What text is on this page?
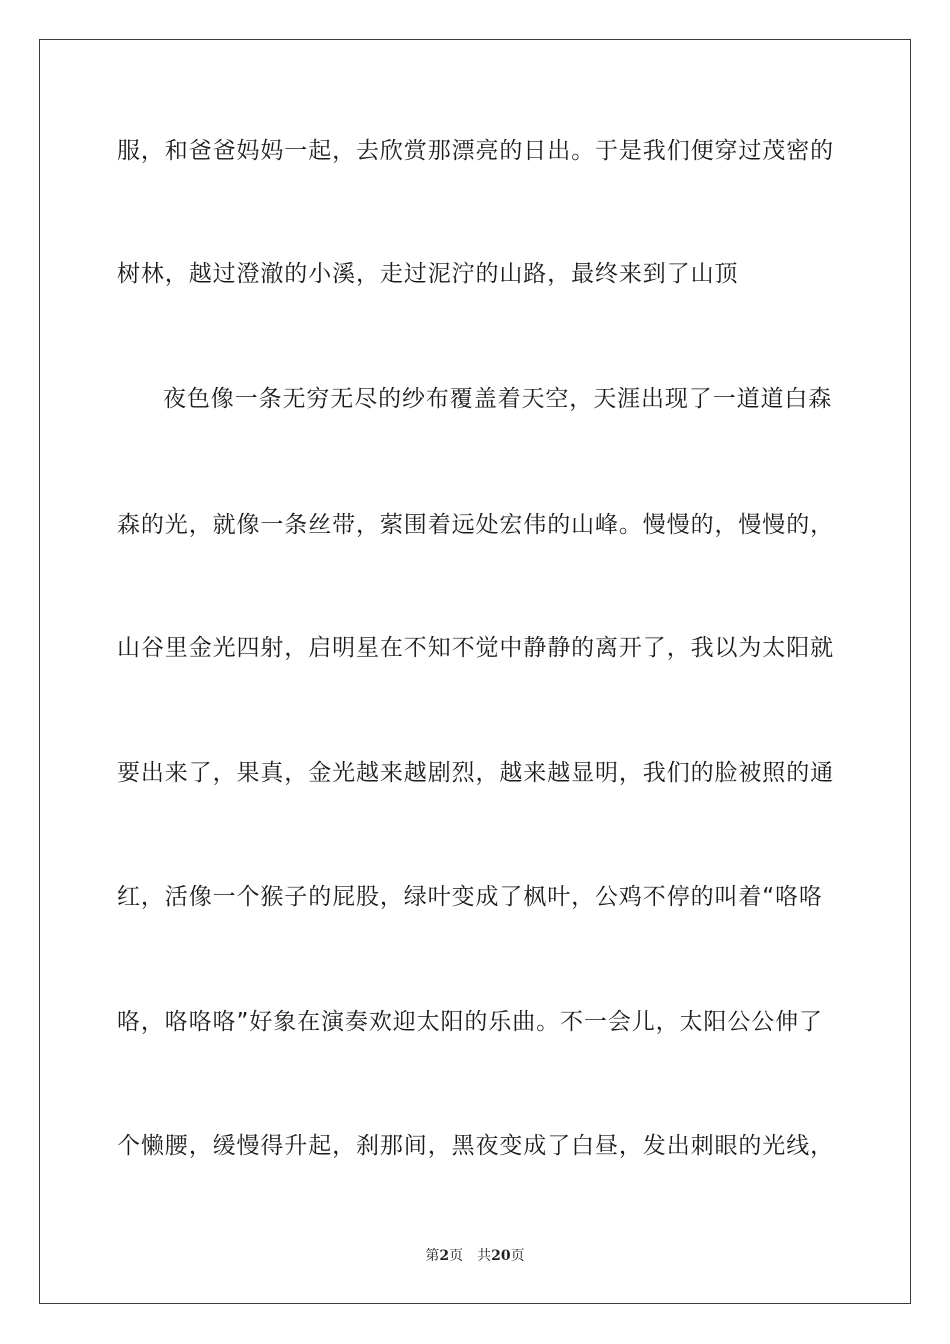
服，和爸爸妈妈一起，去欣赏那漂亮的日出。于是我们便穿过茂密的
树林，越过澄澈的小溪，走过泥泞的山路，最终来到了山顶
夜色像一条无穷无尽的纱布覆盖着天空，天涯出现了一道道白森
森的光，就像一条丝带，萦围着远处宏伟的山峰。慢慢的，慢慢的，
山谷里金光四射，启明星在不知不觉中静静的离开了，我以为太阳就
要出来了，果真，金光越来越剧烈，越来越显明，我们的脸被照的通
红，活像一个猴子的屁股，绿叶变成了枫叶，公鸡不停的叫着“咯咯
咯，咯咯咯”好象在演奏欢迎太阳的乐曲。不一会儿，太阳公公伸了
个懒腰，缓慢得升起，刹那间，黑夜变成了白昼，发出刺眼的光线，
第2页 共20页
